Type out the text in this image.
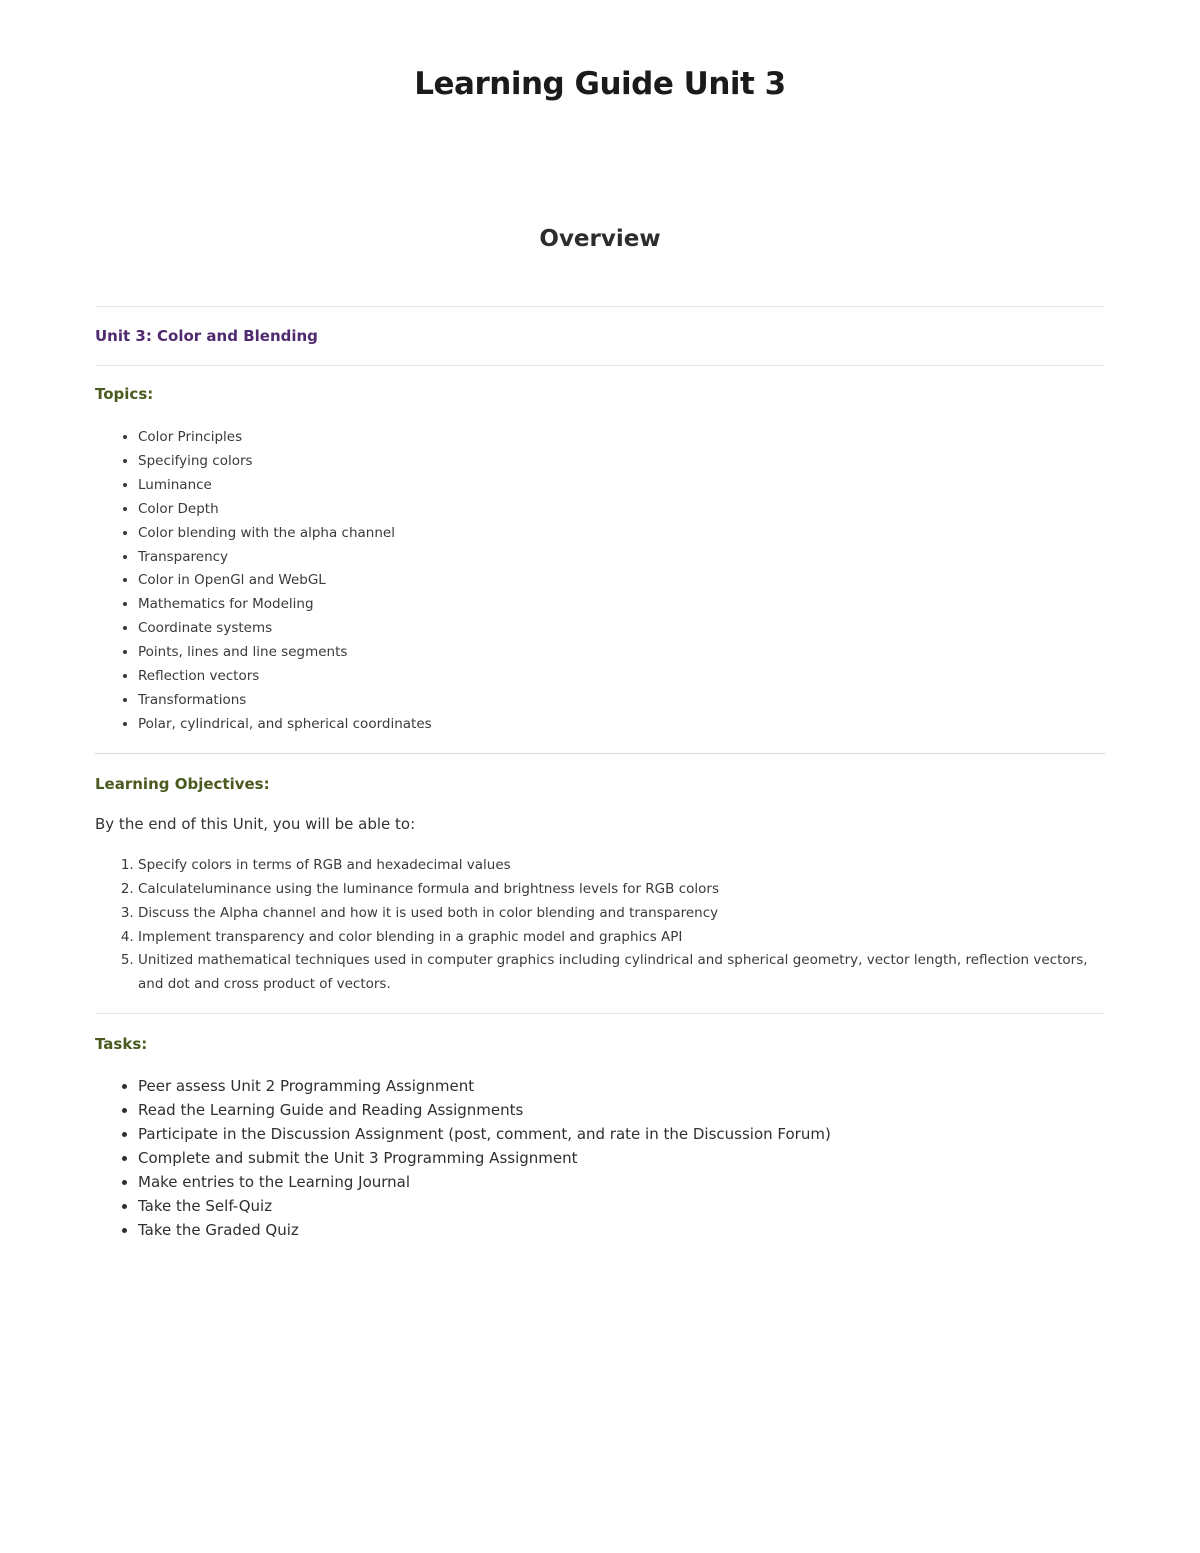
Learning Guide Unit 3
Overview

Unit 3: Color and Blending

Topics:

• Color Principles
• Specifying colors
• Luminance
• Color Depth
• Color blending with the alpha channel
• Transparency
• Color in OpenGl and WebGL
• Mathematics for Modeling
• Coordinate systems
• Points, lines and line segments
• Reflection vectors
• Transformations
• Polar, cylindrical, and spherical coordinates

Learning Objectives:

By the end of this Unit, you will be able to:

1. Specify colors in terms of RGB and hexadecimal values
2. Calculateluminance using the luminance formula and brightness levels for RGB colors
3. Discuss the Alpha channel and how it is used both in color blending and transparency
4. Implement transparency and color blending in a graphic model and graphics API
5. Unitized mathematical techniques used in computer graphics including cylindrical and spherical geometry, vector length, reflection vectors, and dot and cross product of vectors.

Tasks:

• Peer assess Unit 2 Programming Assignment
• Read the Learning Guide and Reading Assignments
• Participate in the Discussion Assignment (post, comment, and rate in the Discussion Forum)
• Complete and submit the Unit 3 Programming Assignment
• Make entries to the Learning Journal
• Take the Self-Quiz
• Take the Graded Quiz
